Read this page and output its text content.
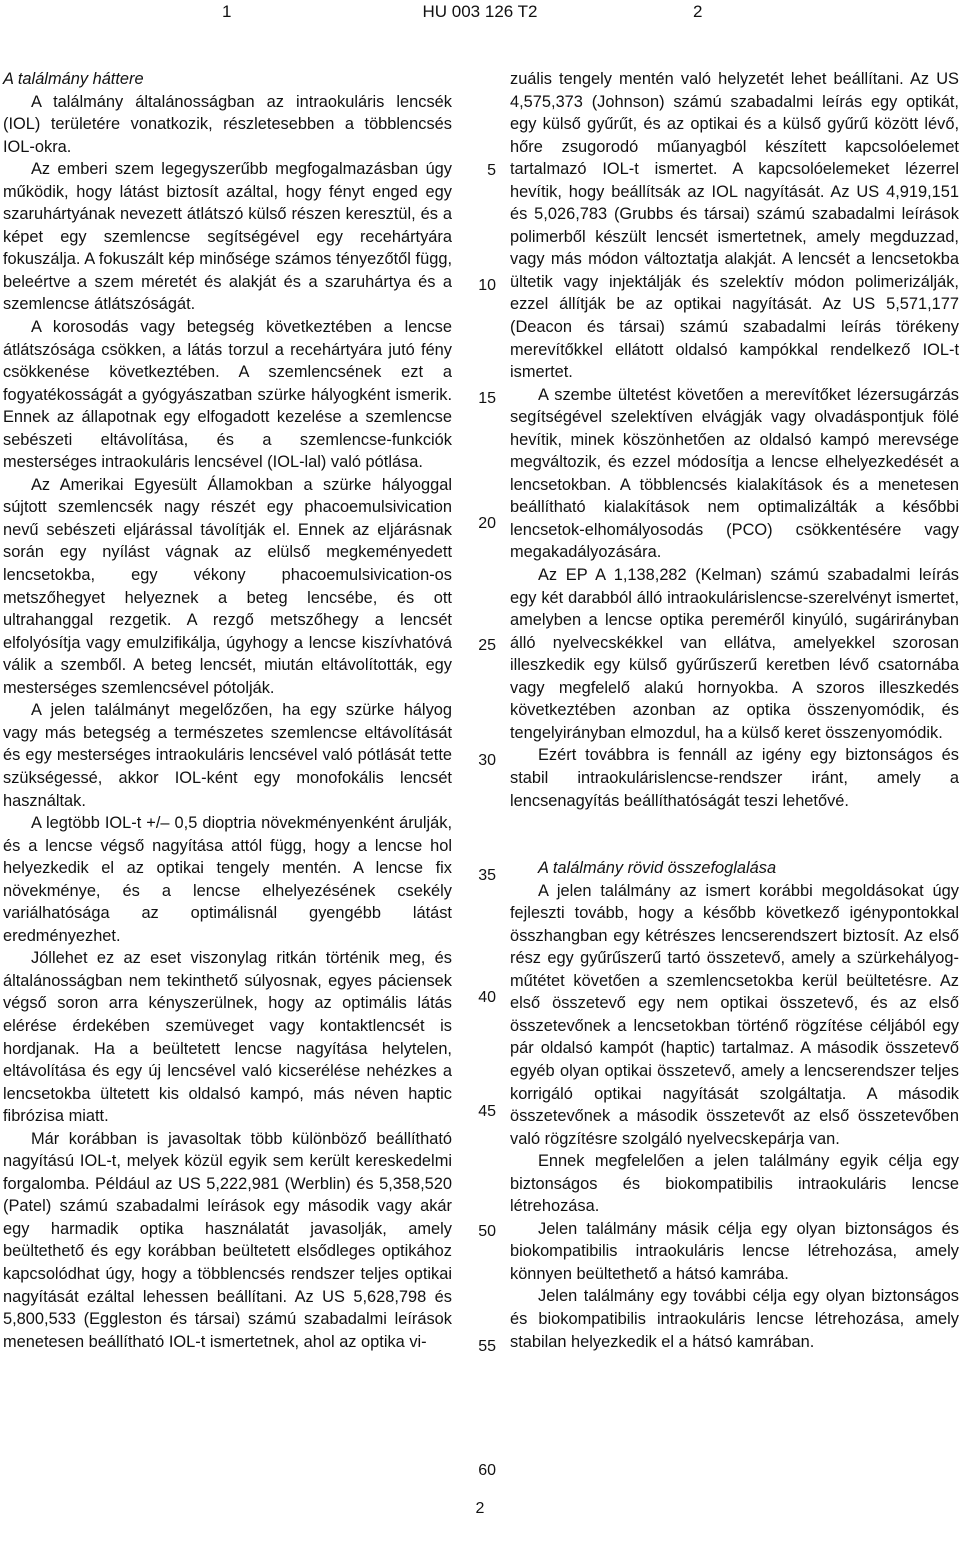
1	HU 003 126 T2	2
A találmány háttere

A találmány általánosságban az intraokuláris lencsék (IOL) területére vonatkozik, részletesebben a többlencsés IOL-okra.

Az emberi szem legegyszerűbb megfogalmazásban úgy működik, hogy látást biztosít azáltal, hogy fényt enged egy szaruhártyának nevezett átlátszó külső részen keresztül, és a képet egy szemlencse segítségével egy recehártyára fokuszálja. A fokuszált kép minősége számos tényezőtől függ, beleértve a szem méretét és alakját és a szaruhártya és a szemlencse átlátszóságát.

A korosodás vagy betegség következtében a lencse átlátszósága csökken, a látás torzul a recehártyára jutó fény csökkenése következtében. A szemlencsének ezt a fogyatékosságát a gyógyászatban szürke hályogként ismerik. Ennek az állapotnak egy elfogadott kezelése a szemlencse sebészeti eltávolítása, és a szemlencse-funkciók mesterséges intraokuláris lencsével (IOL-lal) való pótlása.

Az Amerikai Egyesült Államokban a szürke hályoggal sújtott szemlencsék nagy részét egy phacoemulsivication nevű sebészeti eljárással távolítják el. Ennek az eljárásnak során egy nyílást vágnak az elülső megkeményedett lencsetokba, egy vékony phacoemulsivication-os metszőhegyet helyeznek a beteg lencsébe, és ott ultrahanggal rezgetik. A rezgő metszőhegy a lencsét elfolyósítja vagy emulzifikálja, úgyhogy a lencse kiszívhatóvá válik a szemből. A beteg lencsét, miután eltávolították, egy mesterséges szemlencsével pótolják.

A jelen találmányt megelőzően, ha egy szürke hályog vagy más betegség a természetes szemlencse eltávolítását és egy mesterséges intraokuláris lencsével való pótlását tette szükségessé, akkor IOL-ként egy monofokális lencsét használtak.

A legtöbb IOL-t +/– 0,5 dioptria növekményenként árulják, és a lencse végső nagyítása attól függ, hogy a lencse hol helyezkedik el az optikai tengely mentén. A lencse fix növekménye, és a lencse elhelyezésének csekély variálhatósága az optimálisnál gyengébb látást eredményezhet.

Jóllehet ez az eset viszonylag ritkán történik meg, és általánosságban nem tekinthető súlyosnak, egyes páciensek végső soron arra kényszerülnek, hogy az optimális látás elérése érdekében szemüveget vagy kontaktlencsét is hordjanak. Ha a beültetett lencse nagyítása helytelen, eltávolítása és egy új lencsével való kicserélése nehézkes a lencsetokba ültetett kis oldalsó kampó, más néven haptic fibrózisa miatt.

Már korábban is javasoltak több különböző beállítható nagyítású IOL-t, melyek közül egyik sem került kereskedelmi forgalomba. Például az US 5,222,981 (Werblin) és 5,358,520 (Patel) számú szabadalmi leírások egy második vagy akár egy harmadik optika használatát javasolják, amely beültethető és egy korábban beültetett elsődleges optikához kapcsolódhat úgy, hogy a többlencsés rendszer teljes optikai nagyítását ezáltal lehessen beállítani. Az US 5,628,798 és 5,800,533 (Eggleston és társai) számú szabadalmi leírások menetesen beállítható IOL-t ismertetnek, ahol az optika vi-

zuális tengely mentén való helyzetét lehet beállítani. Az US 4,575,373 (Johnson) számú szabadalmi leírás egy optikát, egy külső gyűrűt, és az optikai és a külső gyűrű között lévő, hőre zsugorodó műanyagból készített kapcsolóelemet tartalmazó IOL-t ismertet. A kapcsolóelemeket lézerrel hevítik, hogy beállítsák az IOL nagyítását. Az US 4,919,151 és 5,026,783 (Grubbs és társai) számú szabadalmi leírások polimerből készült lencsét ismertetnek, amely megduzzad, vagy más módon változtatja alakját. A lencsét a lencsetokba ültetik vagy injektálják és szelektív módon polimerizálják, ezzel állítják be az optikai nagyítását. Az US 5,571,177 (Deacon és társai) számú szabadalmi leírás törékeny merevítőkkel ellátott oldalsó kampókkal rendelkező IOL-t ismertet.

A szembe ültetést követően a merevítőket lézersugárzás segítségével szelektíven elvágják vagy olvadáspontjuk fölé hevítik, minek köszönhetően az oldalsó kampó merevsége megváltozik, és ezzel módosítja a lencse elhelyezkedését a lencsetokban. A többlencsés kialakítások és a menetesen beállítható kialakítások nem optimalizálták a későbbi lencsetok-elhomályosodás (PCO) csökkentésére vagy megakadályozására.

Az EP A 1,138,282 (Kelman) számú szabadalmi leírás egy két darabból álló intraokulárislencse-szerelvényt ismertet, amelyben a lencse optika pereméről kinyúló, sugárirányban álló nyelvecskékkel van ellátva, amelyekkel szorosan illeszkedik egy külső gyűrűszerű keretben lévő csatornába vagy megfelelő alakú hornyokba. A szoros illeszkedés következtében azonban az optika összenyomódik, és tengelyirányban elmozdul, ha a külső keret összenyomódik.

Ezért továbbra is fennáll az igény egy biztonságos és stabil intraokulárislencse-rendszer iránt, amely a lencsenagyítás beállíthatóságát teszi lehetővé.

A találmány rövid összefoglalása

A jelen találmány az ismert korábbi megoldásokat úgy fejleszti tovább, hogy a később következő igénypontokkal összhangban egy kétrészes lencserendszert biztosít. Az első rész egy gyűrűszerű tartó összetevő, amely a szürkehályog-műtétet követően a szemlencsetokba kerül beültetésre. Az első összetevő egy nem optikai összetevő, és az első összetevőnek a lencsetokban történő rögzítése céljából egy pár oldalsó kampót (haptic) tartalmaz. A második összetevő egyéb olyan optikai összetevő, amely a lencserendszer teljes korrigáló optikai nagyítását szolgáltatja. A második összetevőnek a második összetevőt az első összetevőben való rögzítésre szolgáló nyelvecskepárja van.

Ennek megfelelően a jelen találmány egyik célja egy biztonságos és biokompatibilis intraokuláris lencse létrehozása.

Jelen találmány másik célja egy olyan biztonságos és biokompatibilis intraokuláris lencse létrehozása, amely könnyen beültethető a hátsó kamrába.

Jelen találmány egy további célja egy olyan biztonságos és biokompatibilis intraokuláris lencse létrehozása, amely stabilan helyezkedik el a hátsó kamrában.

5
10
15
20
25
30
35
40
45
50
55
60
2
